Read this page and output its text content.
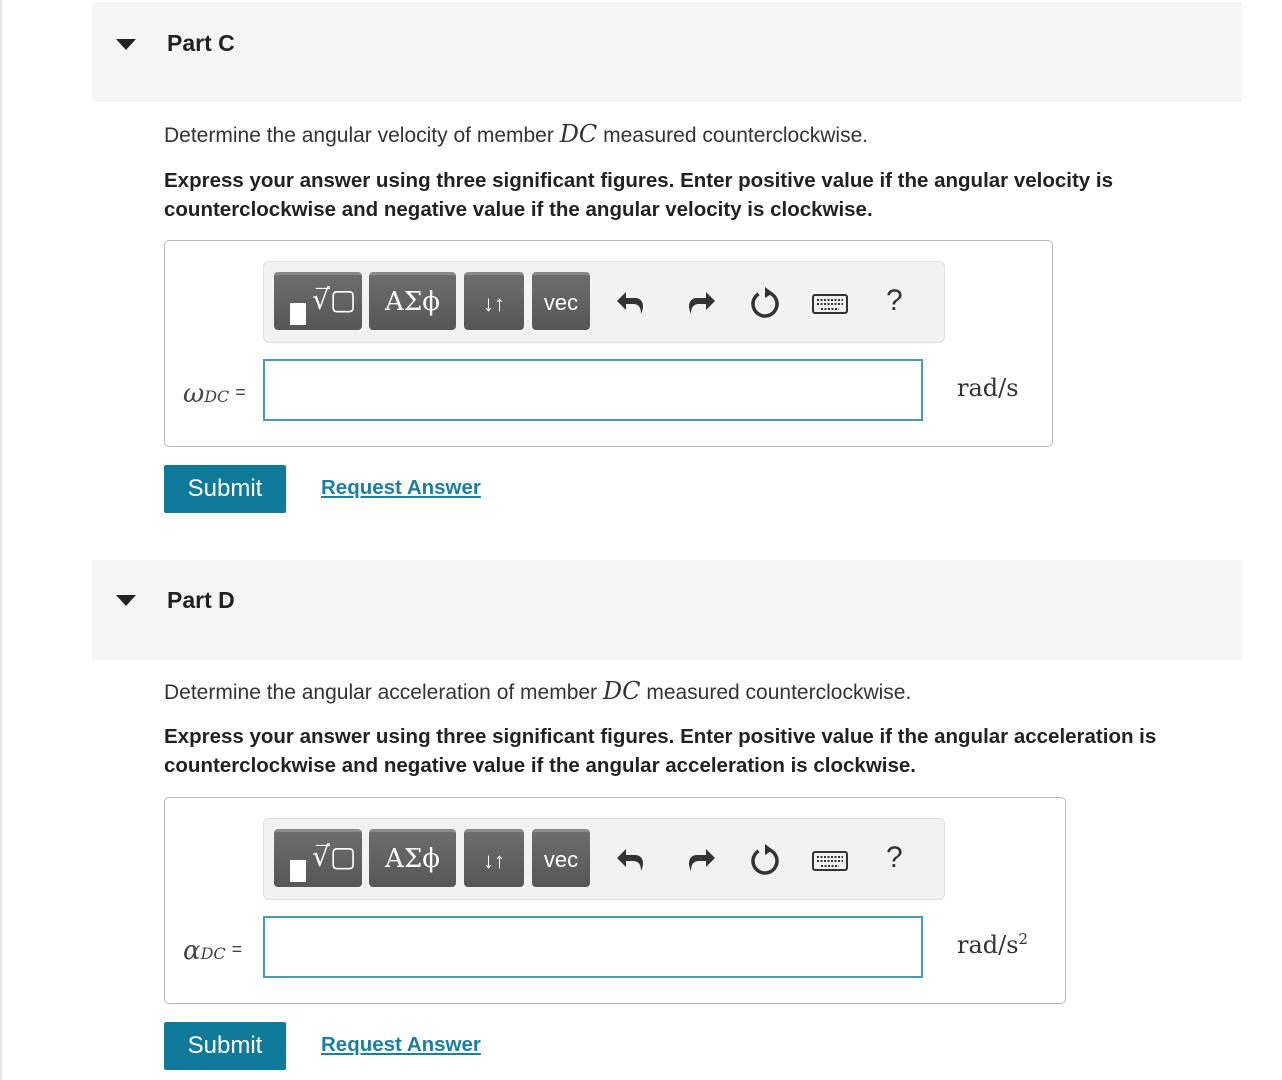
Part C
Determine the angular velocity of member DC measured counterclockwise.
Express your answer using three significant figures. Enter positive value if the angular velocity is counterclockwise and negative value if the angular velocity is clockwise.
√̅▢	ΑΣϕ	↓↑	vec	?
ωDC =	rad/s
Submit	Request Answer
Part D
Determine the angular acceleration of member DC measured counterclockwise.
Express your answer using three significant figures. Enter positive value if the angular acceleration is counterclockwise and negative value if the angular acceleration is clockwise.
√̅▢	ΑΣϕ	↓↑	vec	?
αDC =	rad/$s^2$
Submit	Request Answer
